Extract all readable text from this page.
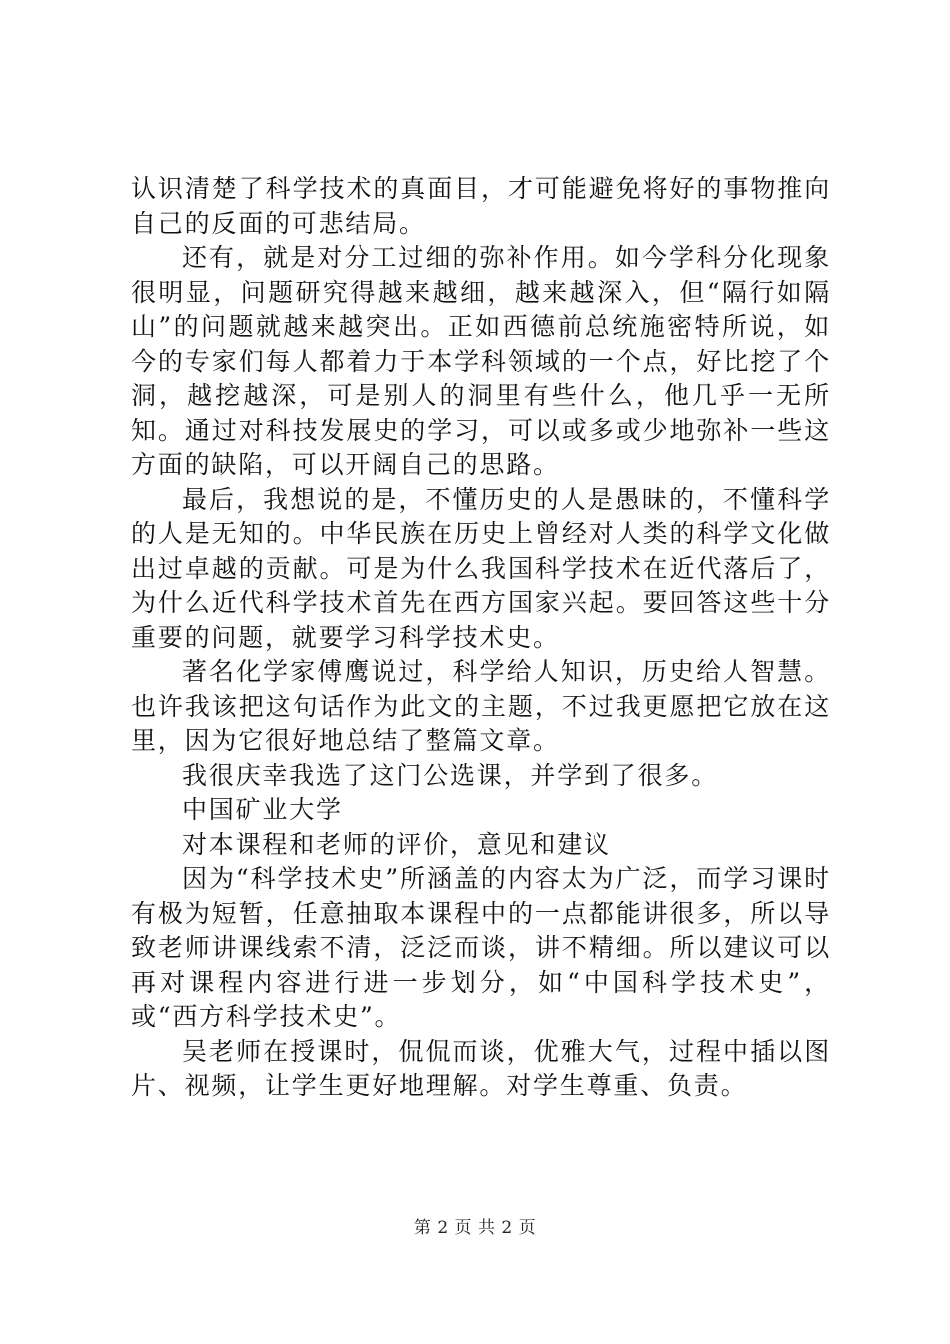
认识清楚了科学技术的真面目，才可能避免将好的事物推向自己的反面的可悲结局。

还有，就是对分工过细的弥补作用。如今学科分化现象很明显，问题研究得越来越细，越来越深入，但“隔行如隔山”的问题就越来越突出。正如西德前总统施密特所说，如今的专家们每人都着力于本学科领域的一个点，好比挖了个洞，越挖越深，可是别人的洞里有些什么，他几乎一无所知。通过对科技发展史的学习，可以或多或少地弥补一些这方面的缺陷，可以开阔自己的思路。

最后，我想说的是，不懂历史的人是愚昧的，不懂科学的人是无知的。中华民族在历史上曾经对人类的科学文化做出过卓越的贡献。可是为什么我国科学技术在近代落后了，为什么近代科学技术首先在西方国家兴起。要回答这些十分重要的问题，就要学习科学技术史。

著名化学家傅鹰说过，科学给人知识，历史给人智慧。也许我该把这句话作为此文的主题，不过我更愿把它放在这里，因为它很好地总结了整篇文章。

我很庆幸我选了这门公选课，并学到了很多。

中国矿业大学

对本课程和老师的评价，意见和建议

因为“科学技术史”所涵盖的内容太为广泛，而学习课时有极为短暂，任意抽取本课程中的一点都能讲很多，所以导致老师讲课线索不清，泛泛而谈，讲不精细。所以建议可以再对课程内容进行进一步划分，如“中国科学技术史”，或“西方科学技术史”。

吴老师在授课时，侃侃而谈，优雅大气，过程中插以图片、视频，让学生更好地理解。对学生尊重、负责。

第 2 页 共 2 页
